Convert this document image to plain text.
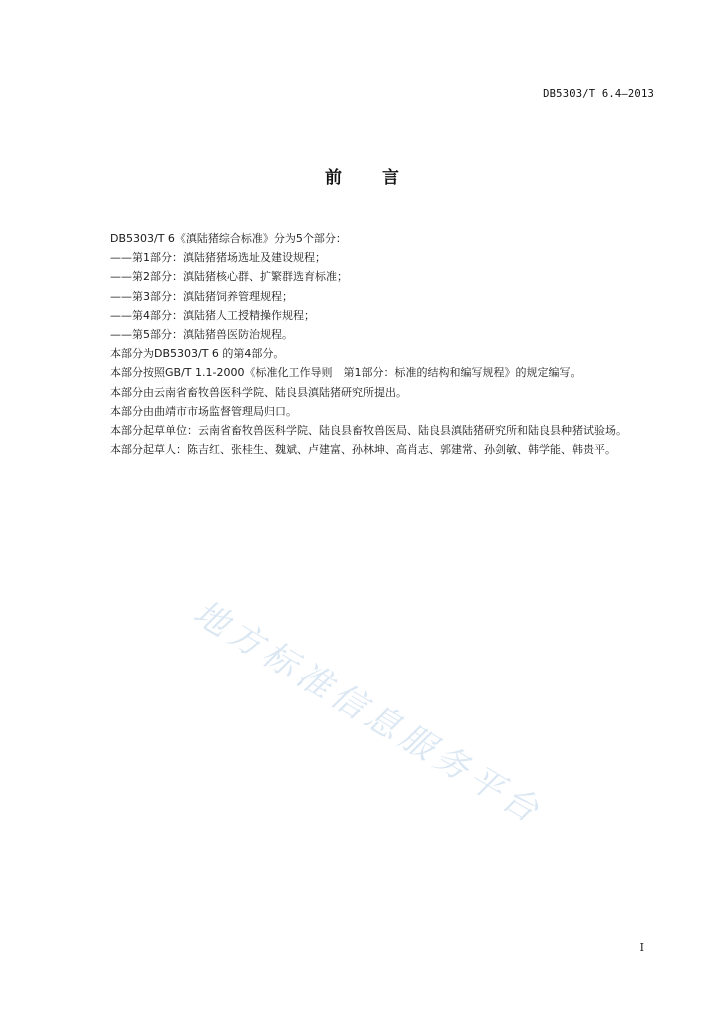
DB5303/T 6.4—2013
前 言

DB5303/T 6《滇陆猪综合标准》分为5个部分：

——第1部分：滇陆猪猪场选址及建设规程；

——第2部分：滇陆猪核心群、扩繁群选育标准；

——第3部分：滇陆猪饲养管理规程；

——第4部分：滇陆猪人工授精操作规程；

——第5部分：滇陆猪兽医防治规程。

本部分为DB5303/T 6 的第4部分。

本部分按照GB/T 1.1-2000《标准化工作导则　第1部分：标准的结构和编写规程》的规定编写。

本部分由云南省畜牧兽医科学院、陆良县滇陆猪研究所提出。

本部分由曲靖市市场监督管理局归口。

本部分起草单位：云南省畜牧兽医科学院、陆良县畜牧兽医局、陆良县滇陆猪研究所和陆良县种猪试验场。

本部分起草人：陈吉红、张桂生、魏斌、卢建富、孙林坤、高肖志、郭建常、孙剑敏、韩学能、韩贵平。

地方标准信息服务平台
I
